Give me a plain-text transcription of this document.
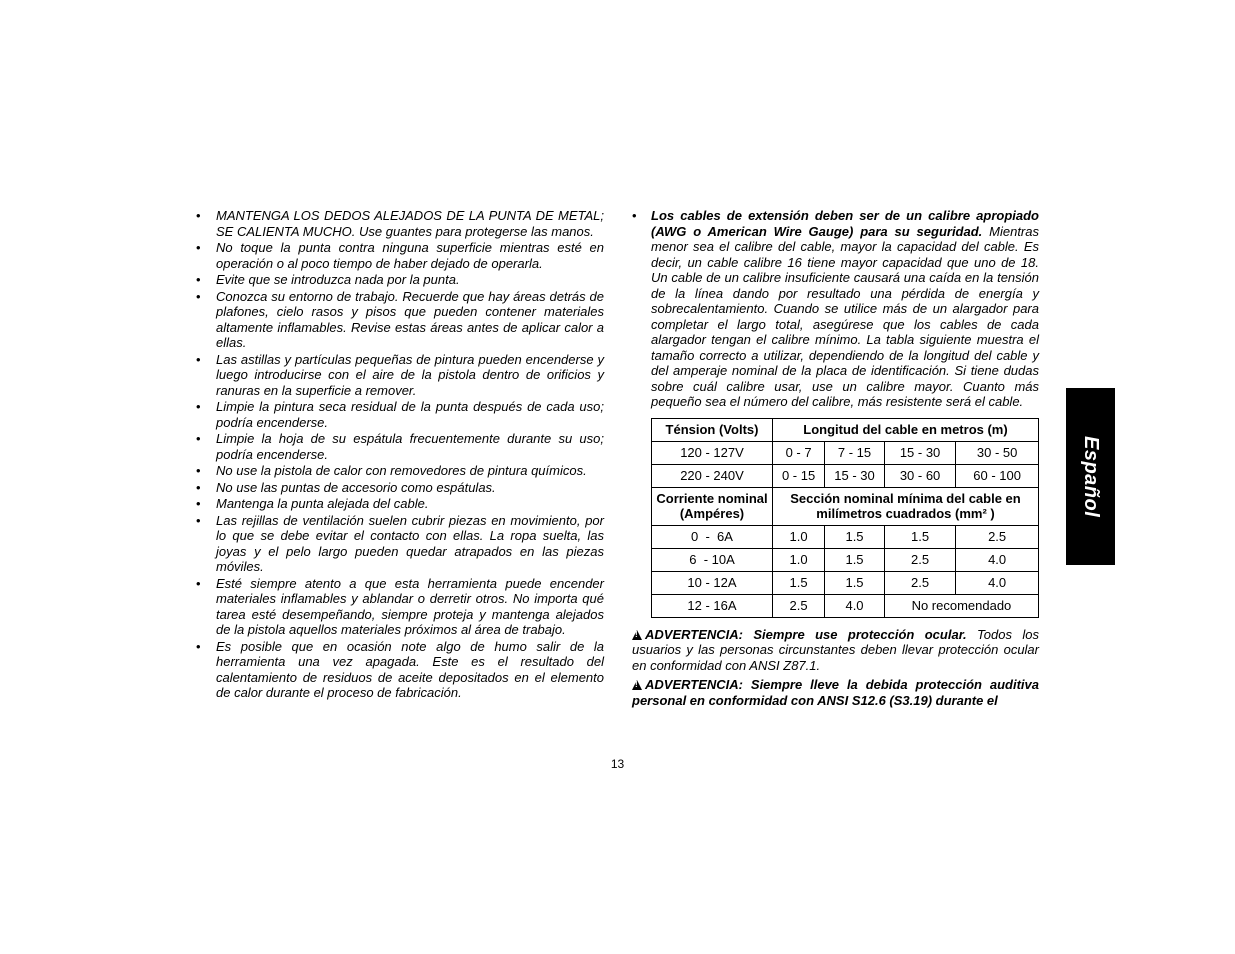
• MANTENGA LOS DEDOS ALEJADOS DE LA PUNTA DE METAL; SE CALIENTA MUCHO. Use guantes para protegerse las manos.
• No toque la punta contra ninguna superficie mientras esté en operación o al poco tiempo de haber dejado de operarla.
• Evite que se introduzca nada por la punta.
• Conozca su entorno de trabajo. Recuerde que hay áreas detrás de plafones, cielo rasos y pisos que pueden contener materiales altamente inflamables. Revise estas áreas antes de aplicar calor a ellas.
• Las astillas y partículas pequeñas de pintura pueden encenderse y luego introducirse con el aire de la pistola dentro de orificios y ranuras en la superficie a remover.
• Limpie la pintura seca residual de la punta después de cada uso; podría encenderse.
• Limpie la hoja de su espátula frecuentemente durante su uso; podría encenderse.
• No use la pistola de calor con removedores de pintura químicos.
• No use las puntas de accesorio como espátulas.
• Mantenga la punta alejada del cable.
• Las rejillas de ventilación suelen cubrir piezas en movimiento, por lo que se debe evitar el contacto con ellas. La ropa suelta, las joyas y el pelo largo pueden quedar atrapados en las piezas móviles.
• Esté siempre atento a que esta herramienta puede encender materiales inflamables y ablandar o derretir otros. No importa qué tarea esté desempeñando, siempre proteja y mantenga alejados de la pistola aquellos materiales próximos al área de trabajo.
• Es posible que en ocasión note algo de humo salir de la herramienta una vez apagada. Este es el resultado del calentamiento de residuos de aceite depositados en el elemento de calor durante el proceso de fabricación.
• Los cables de extensión deben ser de un calibre apropiado (AWG o American Wire Gauge) para su seguridad. Mientras menor sea el calibre del cable, mayor la capacidad del cable. Es decir, un cable calibre 16 tiene mayor capacidad que uno de 18. Un cable de un calibre insuficiente causará una caída en la tensión de la línea dando por resultado una pérdida de energía y sobrecalentamiento. Cuando se utilice más de un alargador para completar el largo total, asegúrese que los cables de cada alargador tengan el calibre mínimo. La tabla siguiente muestra el tamaño correcto a utilizar, dependiendo de la longitud del cable y del amperaje nominal de la placa de identificación. Si tiene dudas sobre cuál calibre usar, use un calibre mayor. Cuanto más pequeño sea el número del calibre, más resistente será el cable.
Ténsion (Volts)	Longitud del cable en metros (m)			
120 - 127V	0 - 7	7 - 15	15 - 30	30 - 50
220 - 240V	0 - 15	15 - 30	30 - 60	60 - 100
Corriente nominal (Ampéres)	Sección nominal mínima del cable en milímetros cuadrados (mm² )			
0  -  6A	1.0	1.5	1.5	2.5
6  - 10A	1.0	1.5	2.5	4.0
10 - 12A	1.5	1.5	2.5	4.0
12 - 16A	2.5	4.0	No recomendado	
!ADVERTENCIA: Siempre use protección ocular. Todos los usuarios y las personas circunstantes deben llevar protección ocular en conformidad con ANSI Z87.1.
!ADVERTENCIA: Siempre lleve la debida protección auditiva personal en conformidad con ANSI S12.6 (S3.19) durante el
13
Español
